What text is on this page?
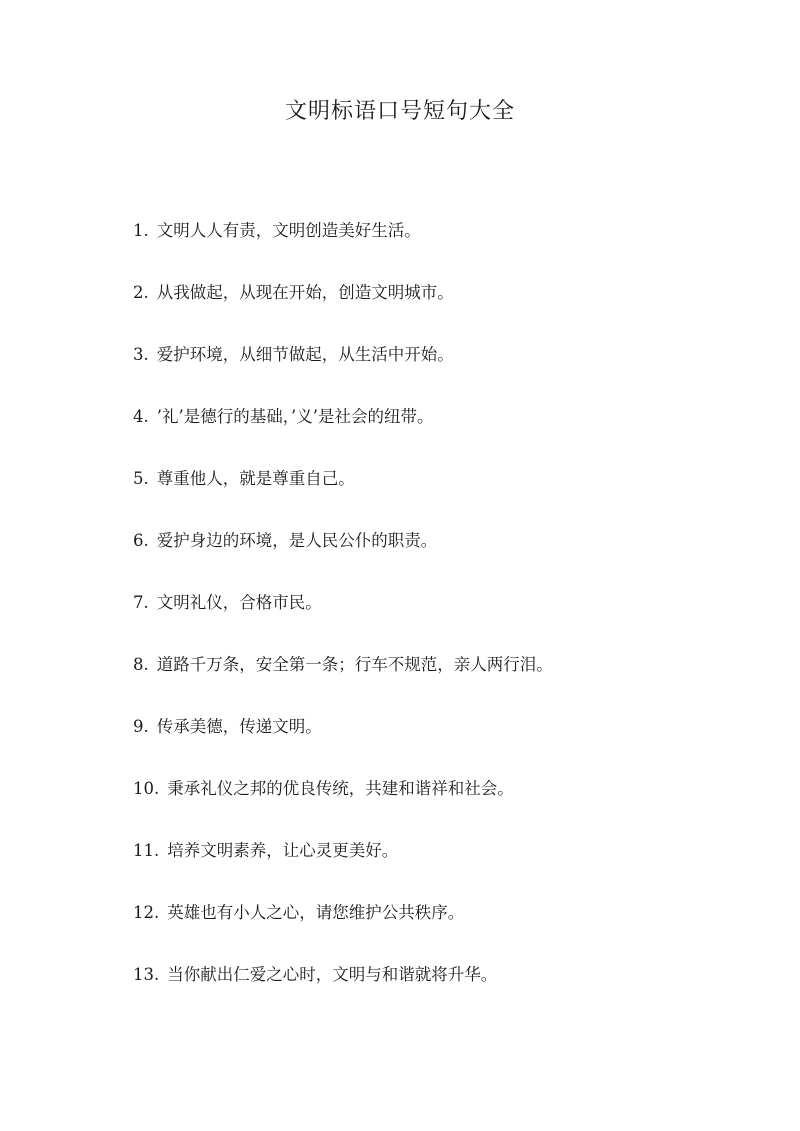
文明标语口号短句大全
1. 文明人人有责，文明创造美好生活。
2. 从我做起，从现在开始，创造文明城市。
3. 爱护环境，从细节做起，从生活中开始。
4. ’礼’是德行的基础，’义’是社会的纽带。
5. 尊重他人，就是尊重自己。
6. 爱护身边的环境，是人民公仆的职责。
7. 文明礼仪，合格市民。
8. 道路千万条，安全第一条；行车不规范，亲人两行泪。
9. 传承美德，传递文明。
10. 秉承礼仪之邦的优良传统，共建和谐祥和社会。
11. 培养文明素养，让心灵更美好。
12. 英雄也有小人之心，请您维护公共秩序。
13. 当你献出仁爱之心时，文明与和谐就将升华。
